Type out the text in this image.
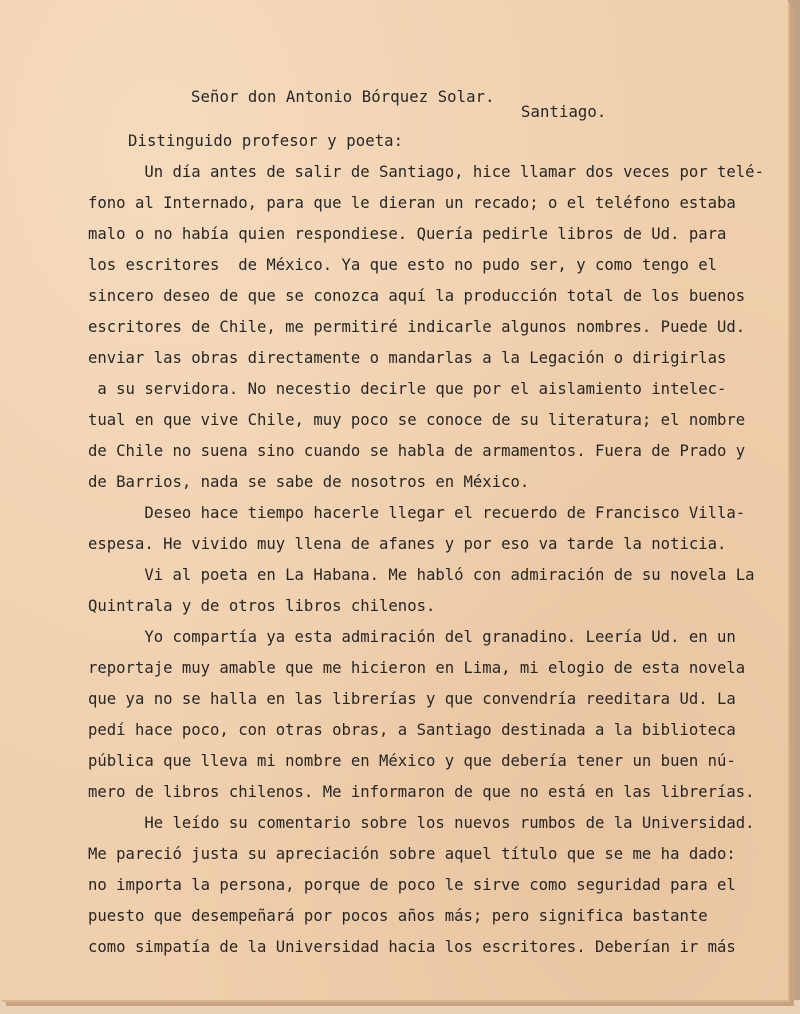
Señor don Antonio Bórquez Solar.
Santiago.
Distinguido profesor y poeta:
Un día antes de salir de Santiago, hice llamar dos veces por telé-
fono al Internado, para que le dieran un recado; o el teléfono estaba
malo o no había quien respondiese. Quería pedirle libros de Ud. para
los escritores  de México. Ya que esto no pudo ser, y como tengo el
sincero deseo de que se conozca aquí la producción total de los buenos
escritores de Chile, me permitiré indicarle algunos nombres. Puede Ud.
enviar las obras directamente o mandarlas a la Legación o dirigirlas
a su servidora. No necestio decirle que por el aislamiento intelec-
tual en que vive Chile, muy poco se conoce de su literatura; el nombre
de Chile no suena sino cuando se habla de armamentos. Fuera de Prado y
de Barrios, nada se sabe de nosotros en México.
Deseo hace tiempo hacerle llegar el recuerdo de Francisco Villa-
espesa. He vivido muy llena de afanes y por eso va tarde la noticia.
Vi al poeta en La Habana. Me habló con admiración de su novela La
Quintrala y de otros libros chilenos.
Yo compartía ya esta admiración del granadino. Leería Ud. en un
reportaje muy amable que me hicieron en Lima, mi elogio de esta novela
que ya no se halla en las librerías y que convendría reeditara Ud. La
pedí hace poco, con otras obras, a Santiago destinada a la biblioteca
pública que lleva mi nombre en México y que debería tener un buen nú-
mero de libros chilenos. Me informaron de que no está en las librerías.
He leído su comentario sobre los nuevos rumbos de la Universidad.
Me pareció justa su apreciación sobre aquel título que se me ha dado:
no importa la persona, porque de poco le sirve como seguridad para el
puesto que desempeñará por pocos años más; pero significa bastante
como simpatía de la Universidad hacia los escritores. Deberían ir más
